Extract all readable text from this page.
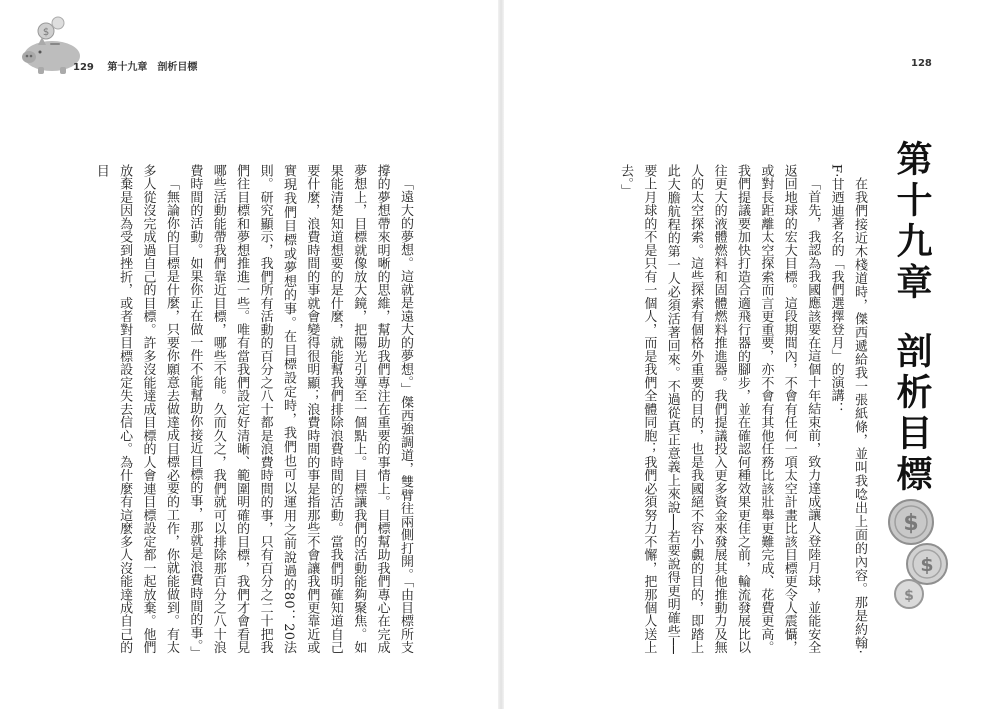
$
129 第十九章　剖析目標

「遠大的夢想。這就是遠大的夢想。」傑西強調道，雙臂往兩側打開。「由目標所支撐的夢想帶來明晰的思維，幫助我們專注在重要的事情上。目標幫助我們專心在完成夢想上，目標就像放大鏡，把陽光引導至一個點上。目標讓我們的活動能夠聚焦。如果能清楚知道想要的是什麼，就能幫我們排除浪費時間的活動。當我們明確知道自己要什麼，浪費時間的事就會變得很明顯；浪費時間的事是指那些不會讓我們更靠近或實現我們目標或夢想的事。在目標設定時，我們也可以運用之前說過的80：20法則。研究顯示，我們所有活動的百分之八十都是浪費時間的事，只有百分之二十把我們往目標和夢想推進一些。唯有當我們設定好清晰、範圍明確的目標，我們才會看見哪些活動能帶我們靠近目標，哪些不能。久而久之，我們就可以排除那百分之八十浪費時間的活動。如果你正在做一件不能幫助你接近目標的事，那就是浪費時間的事。」

「無論你的目標是什麼，只要你願意去做達成目標必要的工作，你就能做到。有太多人從沒完成過自己的目標。許多沒能達成目標的人會連目標設定都一起放棄。他們放棄是因為受到挫折，或者對目標設定失去信心。為什麼有這麼多人沒能達成自己的目

128
第十九章剖析目標

在我們接近木棧道時，傑西遞給我一張紙條，並叫我唸出上面的內容。那是約翰‧F‧甘迺迪著名的「我們選擇登月」的演講：

「首先，我認為我國應該要在這個十年結束前，致力達成讓人登陸月球，並能安全返回地球的宏大目標。這段期間內，不會有任何一項太空計畫比該目標更令人震懾，或對長距離太空探索而言更重要，亦不會有其他任務比該壯舉更難完成、花費更高。我們提議要加快打造合適飛行器的腳步，並在確認何種效果更佳之前，輪流發展比以往更大的液體燃料和固體燃料推進器。我們提議投入更多資金來發展其他推動力及無人的太空探索。這些探索有個格外重要的目的，也是我國絕不容小覷的目的，即踏上此大膽航程的第一人必須活著回來。不過從真正意義上來說──若要說得更明確些──要上月球的不是只有一個人，而是我們全體同胞；我們必須努力不懈，把那個人送上去。」

$
$
$
